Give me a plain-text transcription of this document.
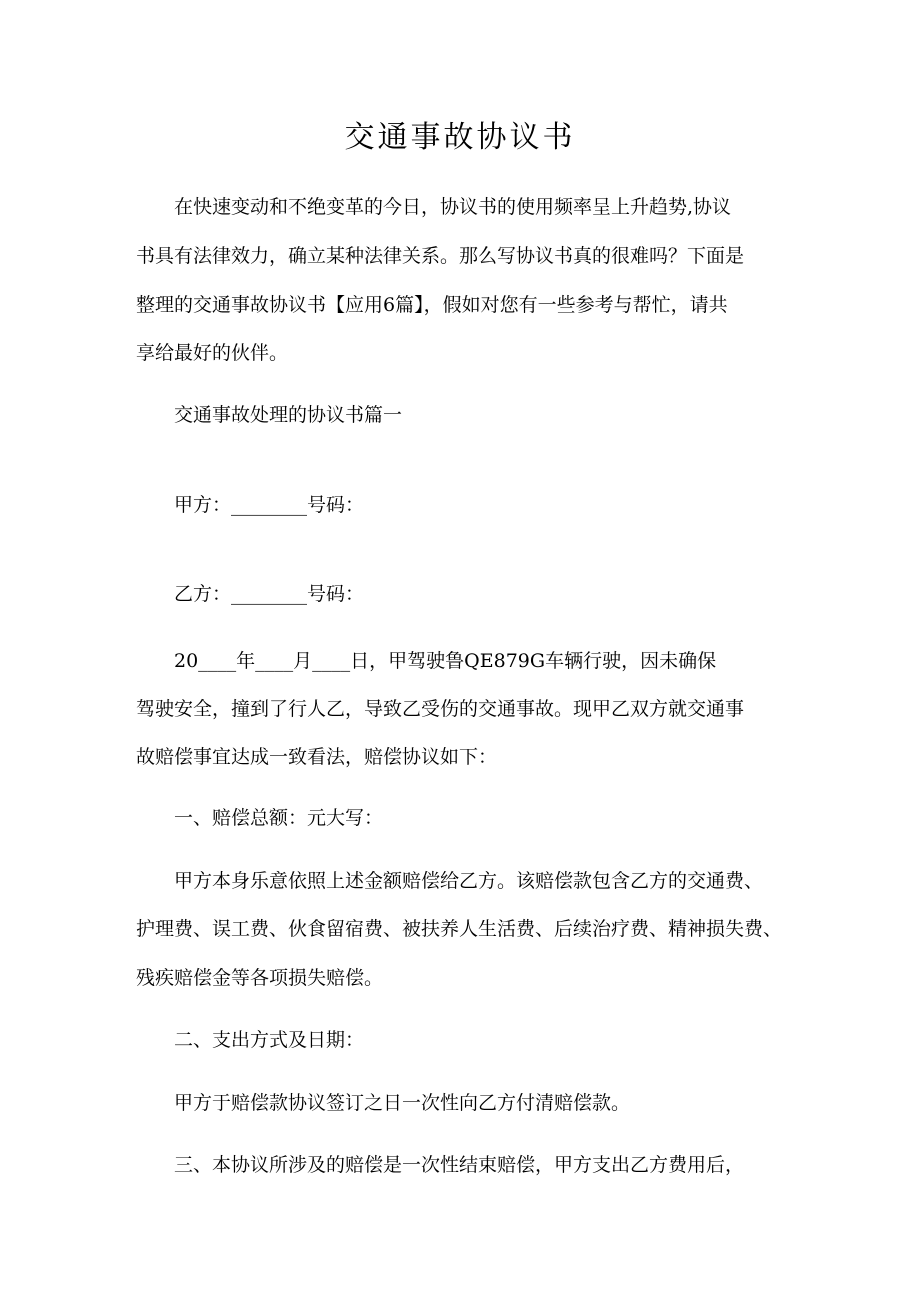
交通事故协议书

　　在快速变动和不绝变革的今日，协议书的使用频率呈上升趋势,协议

书具有法律效力，确立某种法律关系。那么写协议书真的很难吗？下面是

整理的交通事故协议书【应用6篇】，假如对您有一些参考与帮忙，请共

享给最好的伙伴。

　　交通事故处理的协议书篇一

　　甲方：________号码：

　　乙方：________号码：

　　20____年____月____日，甲驾驶鲁QE879G车辆行驶，因未确保

驾驶安全，撞到了行人乙，导致乙受伤的交通事故。现甲乙双方就交通事

故赔偿事宜达成一致看法，赔偿协议如下：

　　一、赔偿总额：元大写：

　　甲方本身乐意依照上述金额赔偿给乙方。该赔偿款包含乙方的交通费、

护理费、误工费、伙食留宿费、被扶养人生活费、后续治疗费、精神损失费、

残疾赔偿金等各项损失赔偿。

　　二、支出方式及日期：

　　甲方于赔偿款协议签订之日一次性向乙方付清赔偿款。

　　三、本协议所涉及的赔偿是一次性结束赔偿，甲方支出乙方费用后，
